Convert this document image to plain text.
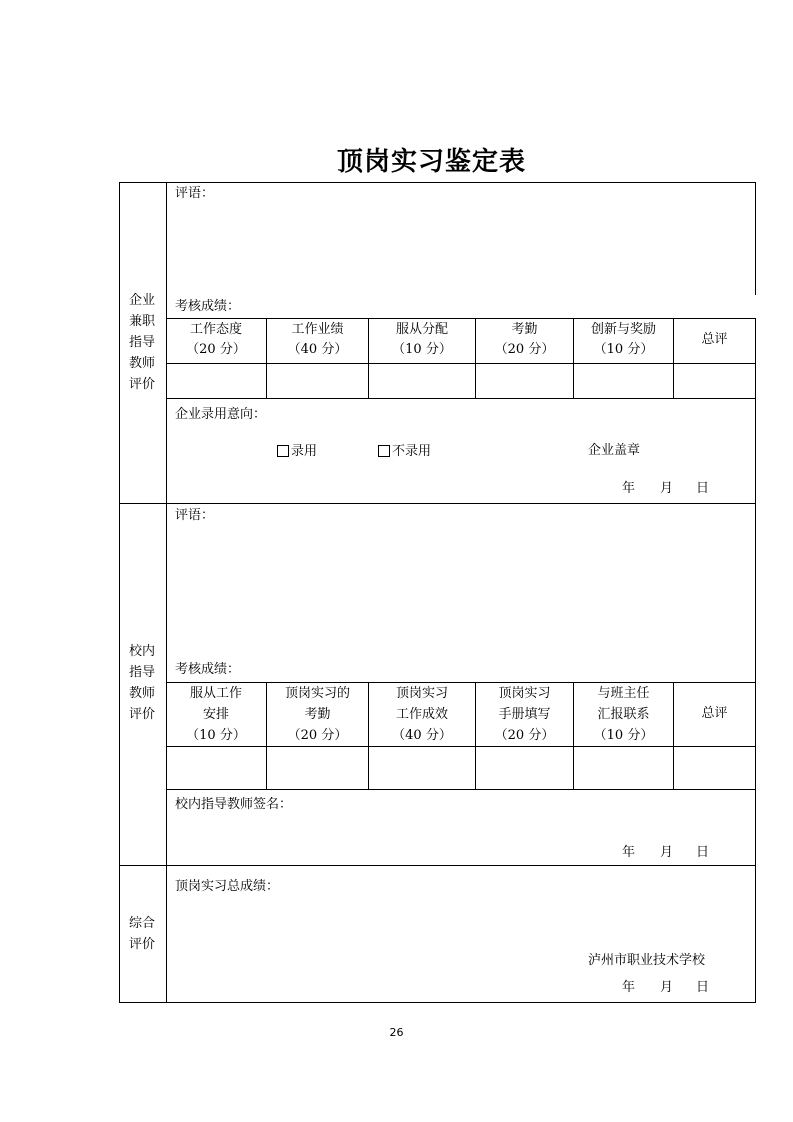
顶岗实习鉴定表
企业
兼职
指导
教师
评价
评语：
考核成绩：
工作态度
（20 分）
工作业绩
（40 分）
服从分配
（10 分）
考勤
（20 分）
创新与奖励
（10 分）
总评
企业录用意向：
录用	不录用	企业盖章
年 月 日
校内
指导
教师
评价
评语：
考核成绩：
服从工作
安排
（10 分）
顶岗实习的
考勤
（20 分）
顶岗实习
工作成效
（40 分）
顶岗实习
手册填写
（20 分）
与班主任
汇报联系
（10 分）
总评
校内指导教师签名：
年 月 日
综合
评价
顶岗实习总成绩：
泸州市职业技术学校
年 月 日
26
